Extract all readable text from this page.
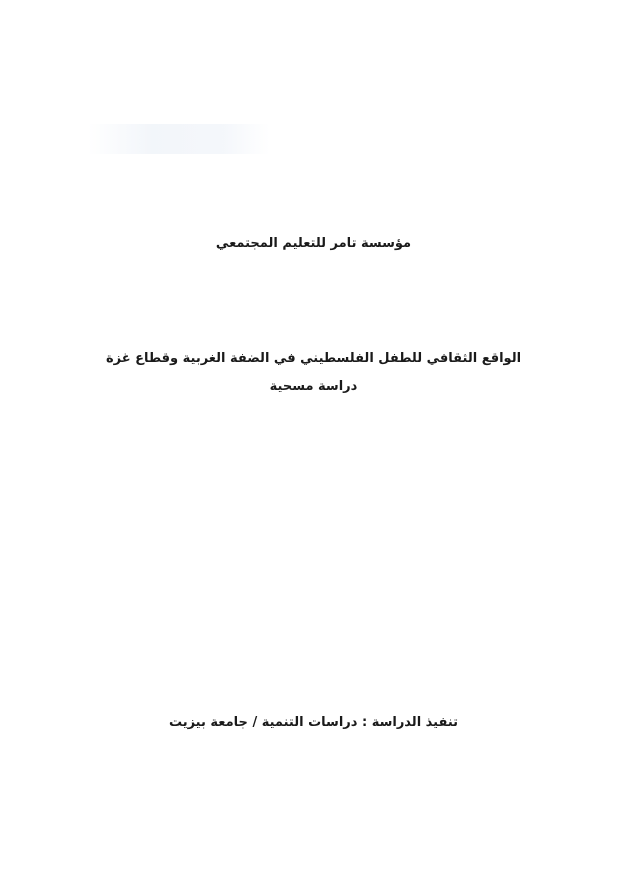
مؤسسة تامر للتعليم المجتمعي
الواقع الثقافي للطفل الفلسطيني في الضفة الغربية وقطاع غزة
دراسة مسحية
تنفيذ الدراسة : دراسات التنمية / جامعة بيزيت
